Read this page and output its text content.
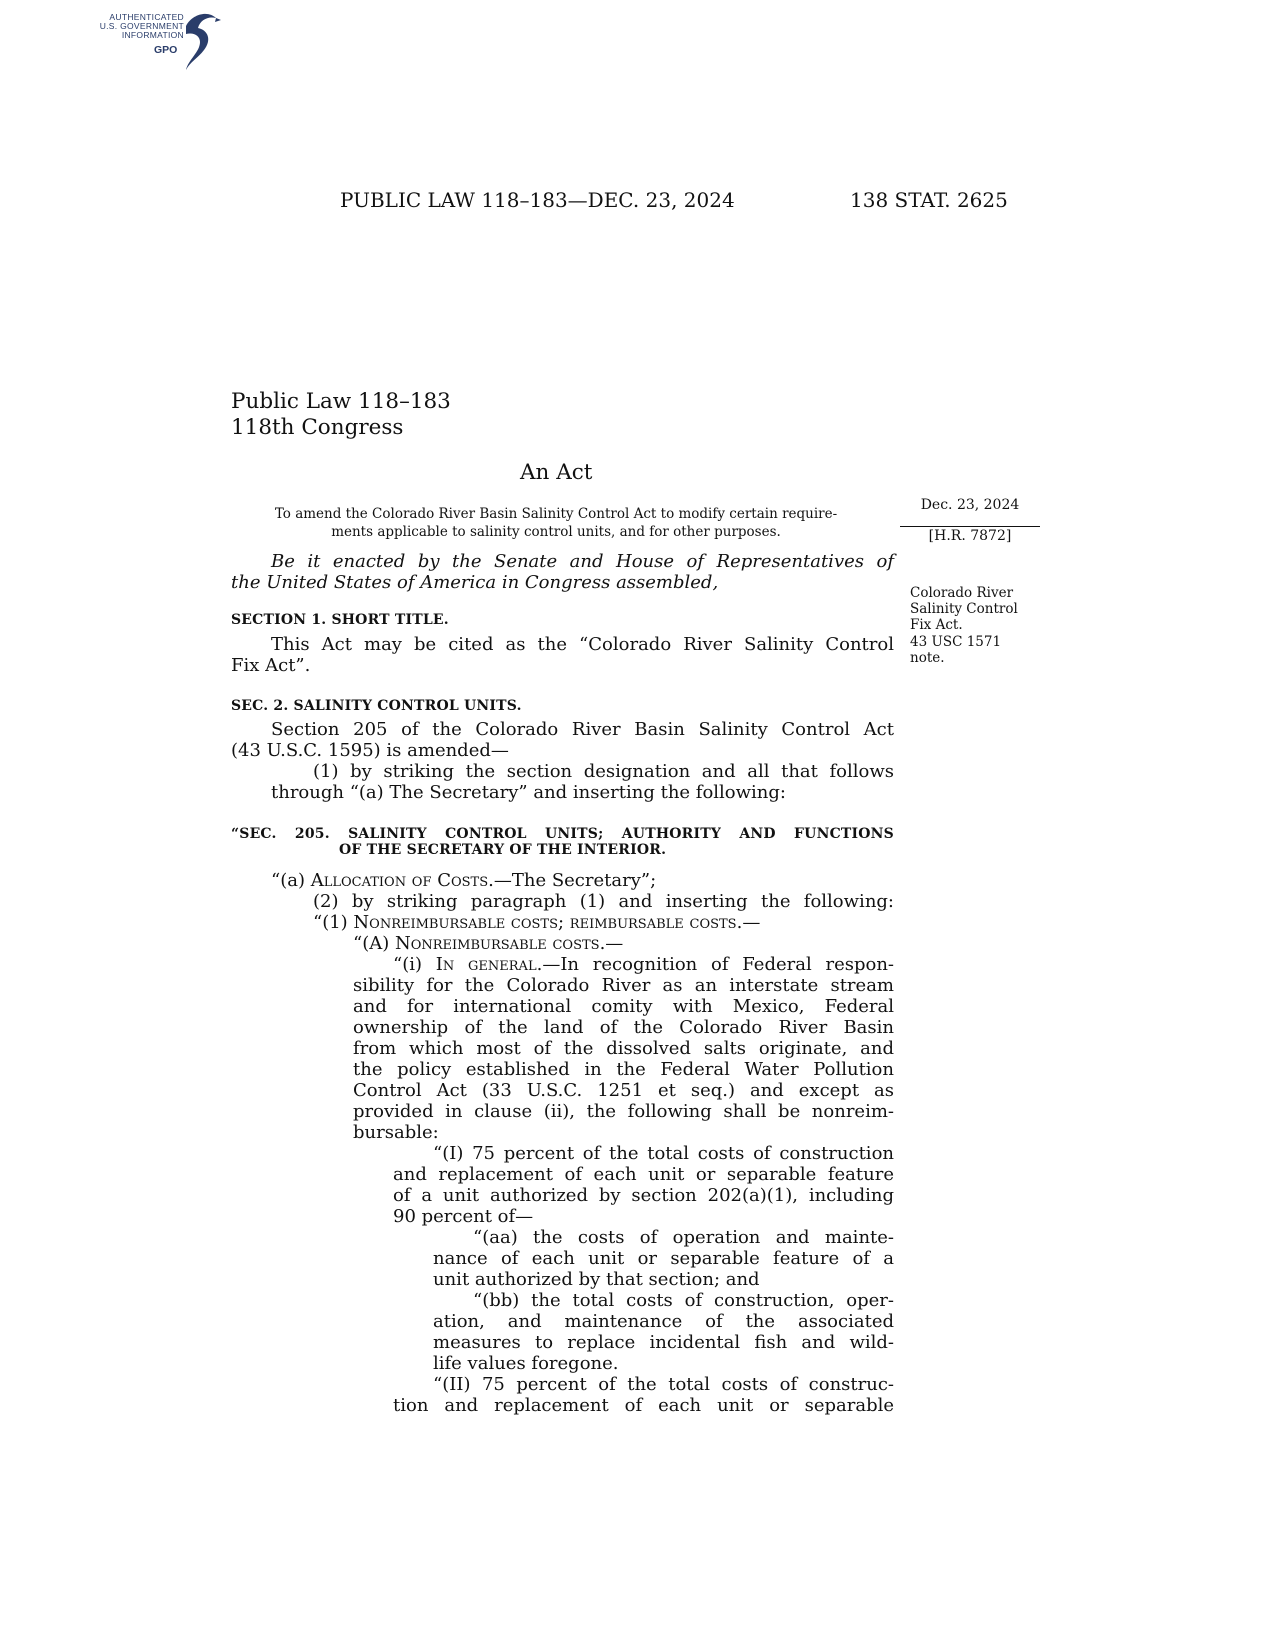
AUTHENTICATED
U.S. GOVERNMENT
INFORMATION
GPO
PUBLIC LAW 118–183—DEC. 23, 2024	138 STAT. 2625
Public Law 118–183
118th Congress
An Act
To amend the Colorado River Basin Salinity Control Act to modify certain require-
ments applicable to salinity control units, and for other purposes.
Dec. 23, 2024
[H.R. 7872]
Colorado River
Salinity Control
Fix Act.
43 USC 1571
note.
Be it enacted by the Senate and House of Representatives of
the United States of America in Congress assembled,
SECTION 1. SHORT TITLE.
This Act may be cited as the “Colorado River Salinity Control
Fix Act”.
SEC. 2. SALINITY CONTROL UNITS.
Section 205 of the Colorado River Basin Salinity Control Act
(43 U.S.C. 1595) is amended—
(1) by striking the section designation and all that follows
through “(a) The Secretary” and inserting the following:
“SEC. 205. SALINITY CONTROL UNITS; AUTHORITY AND FUNCTIONS
OF THE SECRETARY OF THE INTERIOR.
“(a) Allocation of Costs.—The Secretary”;
(2) by striking paragraph (1) and inserting the following:
“(1) Nonreimbursable costs; reimbursable costs.—
“(A) Nonreimbursable costs.—
“(i) In general.—In recognition of Federal respon-
sibility for the Colorado River as an interstate stream
and for international comity with Mexico, Federal
ownership of the land of the Colorado River Basin
from which most of the dissolved salts originate, and
the policy established in the Federal Water Pollution
Control Act (33 U.S.C. 1251 et seq.) and except as
provided in clause (ii), the following shall be nonreim-
bursable:
“(I) 75 percent of the total costs of construction
and replacement of each unit or separable feature
of a unit authorized by section 202(a)(1), including
90 percent of—
“(aa) the costs of operation and mainte-
nance of each unit or separable feature of a
unit authorized by that section; and
“(bb) the total costs of construction, oper-
ation, and maintenance of the associated
measures to replace incidental fish and wild-
life values foregone.
“(II) 75 percent of the total costs of construc-
tion and replacement of each unit or separable
